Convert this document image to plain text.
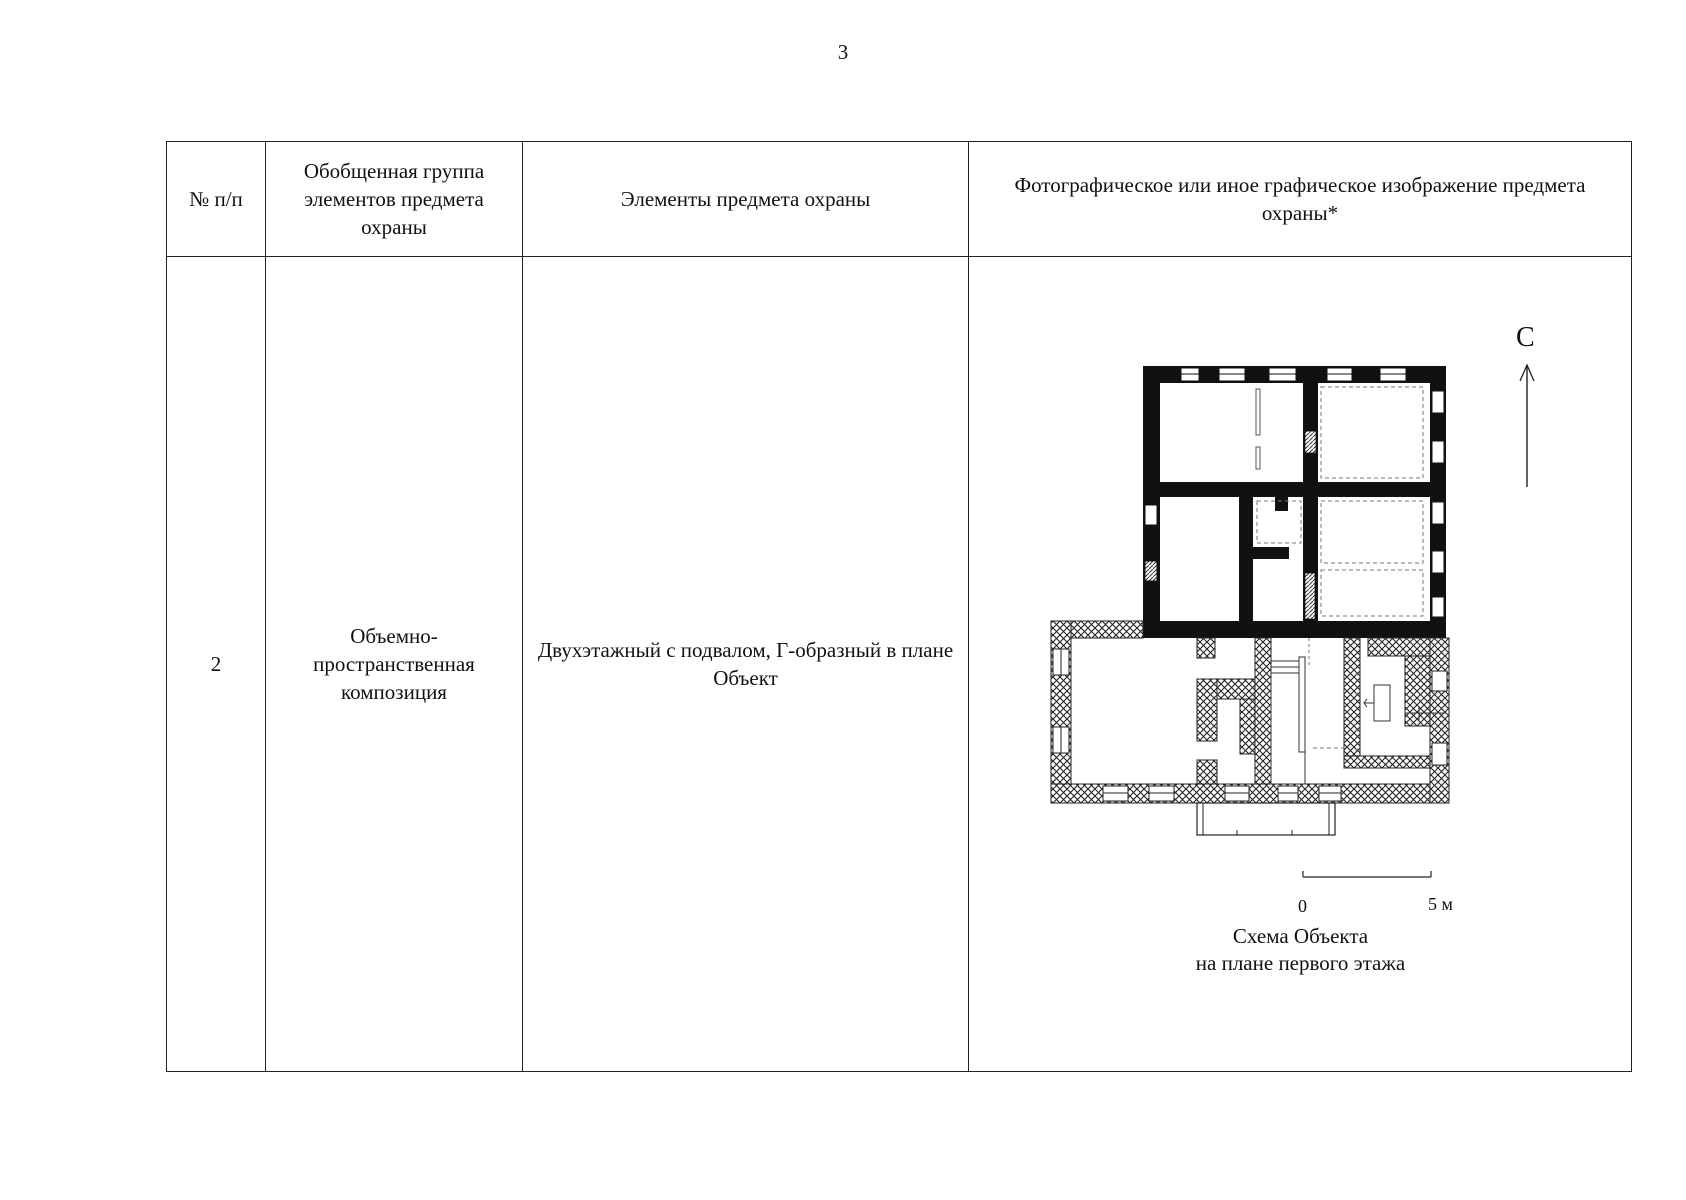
3
№ п/п	Обобщенная группа элементов предмета охраны	Элементы предмета охраны	Фотографическое или иное графическое изображение предмета охраны*
2	Объемно-пространственная композиция	Двухэтажный с подвалом, Г-образный в плане Объект	С
0 5 м
Схема Объекта
на плане первого этажа
